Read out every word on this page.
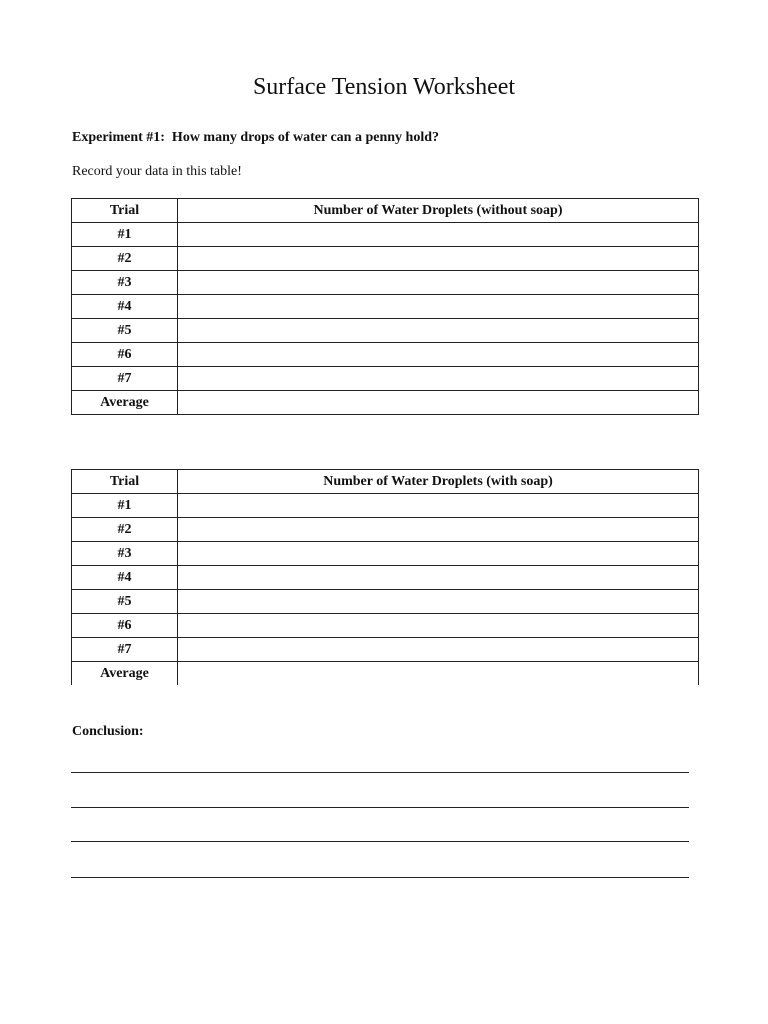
Surface Tension Worksheet
Experiment #1:  How many drops of water can a penny hold?
Record your data in this table!
Trial	Number of Water Droplets (without soap)
#1	
#2	
#3	
#4	
#5	
#6	
#7	
Average	
Trial	Number of Water Droplets (with soap)
#1	
#2	
#3	
#4	
#5	
#6	
#7	
Average	
Conclusion:
